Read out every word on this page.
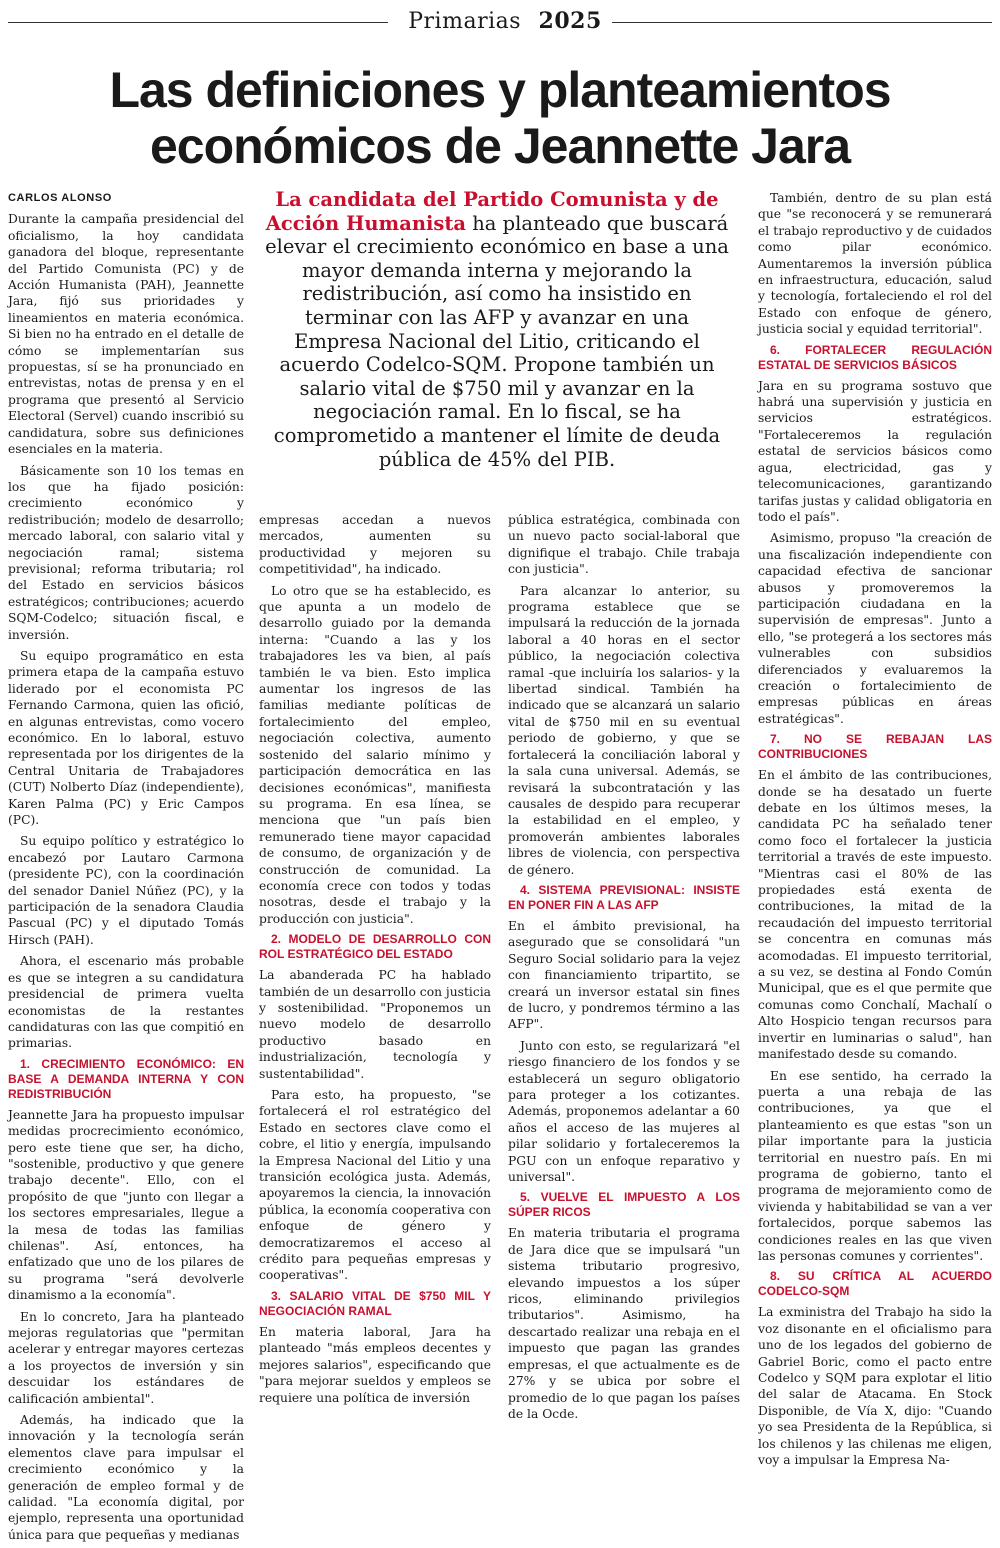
Primarias 2025
Las definiciones y planteamientos
económicos de Jeannette Jara
La candidata del Partido Comunista y de Acción Humanista ha planteado que buscará elevar el crecimiento económico en base a una mayor demanda interna y mejorando la redistribución, así como ha insistido en terminar con las AFP y avanzar en una Empresa Nacional del Litio, criticando el acuerdo Codelco-SQM. Propone también un salario vital de $750 mil y avanzar en la negociación ramal. En lo fiscal, se ha comprometido a mantener el límite de deuda pública de 45% del PIB.

CARLOS ALONSO

Durante la campaña presidencial del oficialismo, la hoy candidata ganadora del bloque, representante del Partido Comunista (PC) y de Acción Humanista (PAH), Jeannette Jara, fijó sus prioridades y lineamientos en materia económica. Si bien no ha entrado en el detalle de cómo se implementarían sus propuestas, sí se ha pronunciado en entrevistas, notas de prensa y en el programa que presentó al Servicio Electoral (Servel) cuando inscribió su candidatura, sobre sus definiciones esenciales en la materia.

Básicamente son 10 los temas en los que ha fijado posición: crecimiento económico y redistribución; modelo de desarrollo; mercado laboral, con salario vital y negociación ramal; sistema previsional; reforma tributaria; rol del Estado en servicios básicos estratégicos; contribuciones; acuerdo SQM-Codelco; situación fiscal, e inversión.

Su equipo programático en esta primera etapa de la campaña estuvo liderado por el economista PC Fernando Carmona, quien las ofició, en algunas entrevistas, como vocero económico. En lo laboral, estuvo representada por los dirigentes de la Central Unitaria de Trabajadores (CUT) Nolberto Díaz (independiente), Karen Palma (PC) y Eric Campos (PC).

Su equipo político y estratégico lo encabezó por Lautaro Carmona (presidente PC), con la coordinación del senador Daniel Núñez (PC), y la participación de la senadora Claudia Pascual (PC) y el diputado Tomás Hirsch (PAH).

Ahora, el escenario más probable es que se integren a su candidatura presidencial de primera vuelta economistas de la restantes candidaturas con las que compitió en primarias.

1. CRECIMIENTO ECONÓMICO: EN BASE A DEMANDA INTERNA Y CON REDISTRIBUCIÓN

Jeannette Jara ha propuesto impulsar medidas procrecimiento económico, pero este tiene que ser, ha dicho, "sostenible, productivo y que genere trabajo decente". Ello, con el propósito de que "junto con llegar a los sectores empresariales, llegue a la mesa de todas las familias chilenas". Así, entonces, ha enfatizado que uno de los pilares de su programa "será devolverle dinamismo a la economía".

En lo concreto, Jara ha planteado mejoras regulatorias que "permitan acelerar y entregar mayores certezas a los proyectos de inversión y sin descuidar los estándares de calificación ambiental".

Además, ha indicado que la innovación y la tecnología serán elementos clave para impulsar el crecimiento económico y la generación de empleo formal y de calidad. "La economía digital, por ejemplo, representa una oportunidad única para que pequeñas y medianas

empresas accedan a nuevos mercados, aumenten su productividad y mejoren su competitividad", ha indicado.

Lo otro que se ha establecido, es que apunta a un modelo de desarrollo guiado por la demanda interna: "Cuando a las y los trabajadores les va bien, al país también le va bien. Esto implica aumentar los ingresos de las familias mediante políticas de fortalecimiento del empleo, negociación colectiva, aumento sostenido del salario mínimo y participación democrática en las decisiones económicas", manifiesta su programa. En esa línea, se menciona que "un país bien remunerado tiene mayor capacidad de consumo, de organización y de construcción de comunidad. La economía crece con todos y todas nosotras, desde el trabajo y la producción con justicia".

2. MODELO DE DESARROLLO CON ROL ESTRATÉGICO DEL ESTADO

La abanderada PC ha hablado también de un desarrollo con justicia y sostenibilidad. "Proponemos un nuevo modelo de desarrollo productivo basado en industrialización, tecnología y sustentabilidad".

Para esto, ha propuesto, "se fortalecerá el rol estratégico del Estado en sectores clave como el cobre, el litio y energía, impulsando la Empresa Nacional del Litio y una transición ecológica justa. Además, apoyaremos la ciencia, la innovación pública, la economía cooperativa con enfoque de género y democratizaremos el acceso al crédito para pequeñas empresas y cooperativas".

3. SALARIO VITAL DE $750 MIL Y NEGOCIACIÓN RAMAL

En materia laboral, Jara ha planteado "más empleos decentes y mejores salarios", especificando que "para mejorar sueldos y empleos se requiere una política de inversión

pública estratégica, combinada con un nuevo pacto social-laboral que dignifique el trabajo. Chile trabaja con justicia".

Para alcanzar lo anterior, su programa establece que se impulsará la reducción de la jornada laboral a 40 horas en el sector público, la negociación colectiva ramal -que incluiría los salarios- y la libertad sindical. También ha indicado que se alcanzará un salario vital de $750 mil en su eventual periodo de gobierno, y que se fortalecerá la conciliación laboral y la sala cuna universal. Además, se revisará la subcontratación y las causales de despido para recuperar la estabilidad en el empleo, y promoverán ambientes laborales libres de violencia, con perspectiva de género.

4. SISTEMA PREVISIONAL: INSISTE EN PONER FIN A LAS AFP

En el ámbito previsional, ha asegurado que se consolidará "un Seguro Social solidario para la vejez con financiamiento tripartito, se creará un inversor estatal sin fines de lucro, y pondremos término a las AFP".

Junto con esto, se regularizará "el riesgo financiero de los fondos y se establecerá un seguro obligatorio para proteger a los cotizantes. Además, proponemos adelantar a 60 años el acceso de las mujeres al pilar solidario y fortaleceremos la PGU con un enfoque reparativo y universal".

5. VUELVE EL IMPUESTO A LOS SÚPER RICOS

En materia tributaria el programa de Jara dice que se impulsará "un sistema tributario progresivo, elevando impuestos a los súper ricos, eliminando privilegios tributarios". Asimismo, ha descartado realizar una rebaja en el impuesto que pagan las grandes empresas, el que actualmente es de 27% y se ubica por sobre el promedio de lo que pagan los países de la Ocde.

También, dentro de su plan está que "se reconocerá y se remunerará el trabajo reproductivo y de cuidados como pilar económico. Aumentaremos la inversión pública en infraestructura, educación, salud y tecnología, fortaleciendo el rol del Estado con enfoque de género, justicia social y equidad territorial".

6. FORTALECER REGULACIÓN ESTATAL DE SERVICIOS BÁSICOS

Jara en su programa sostuvo que habrá una supervisión y justicia en servicios estratégicos. "Fortaleceremos la regulación estatal de servicios básicos como agua, electricidad, gas y telecomunicaciones, garantizando tarifas justas y calidad obligatoria en todo el país".

Asimismo, propuso "la creación de una fiscalización independiente con capacidad efectiva de sancionar abusos y promoveremos la participación ciudadana en la supervisión de empresas". Junto a ello, "se protegerá a los sectores más vulnerables con subsidios diferenciados y evaluaremos la creación o fortalecimiento de empresas públicas en áreas estratégicas".

7. NO SE REBAJAN LAS CONTRIBUCIONES

En el ámbito de las contribuciones, donde se ha desatado un fuerte debate en los últimos meses, la candidata PC ha señalado tener como foco el fortalecer la justicia territorial a través de este impuesto. "Mientras casi el 80% de las propiedades está exenta de contribuciones, la mitad de la recaudación del impuesto territorial se concentra en comunas más acomodadas. El impuesto territorial, a su vez, se destina al Fondo Común Municipal, que es el que permite que comunas como Conchalí, Machalí o Alto Hospicio tengan recursos para invertir en luminarias o salud", han manifestado desde su comando.

En ese sentido, ha cerrado la puerta a una rebaja de las contribuciones, ya que el planteamiento es que estas "son un pilar importante para la justicia territorial en nuestro país. En mi programa de gobierno, tanto el programa de mejoramiento como de vivienda y habitabilidad se van a ver fortalecidos, porque sabemos las condiciones reales en las que viven las personas comunes y corrientes".

8. SU CRÍTICA AL ACUERDO CODELCO-SQM

La exministra del Trabajo ha sido la voz disonante en el oficialismo para uno de los legados del gobierno de Gabriel Boric, como el pacto entre Codelco y SQM para explotar el litio del salar de Atacama. En Stock Disponible, de Vía X, dijo: "Cuando yo sea Presidenta de la República, si los chilenos y las chilenas me eligen, voy a impulsar la Empresa Na-
